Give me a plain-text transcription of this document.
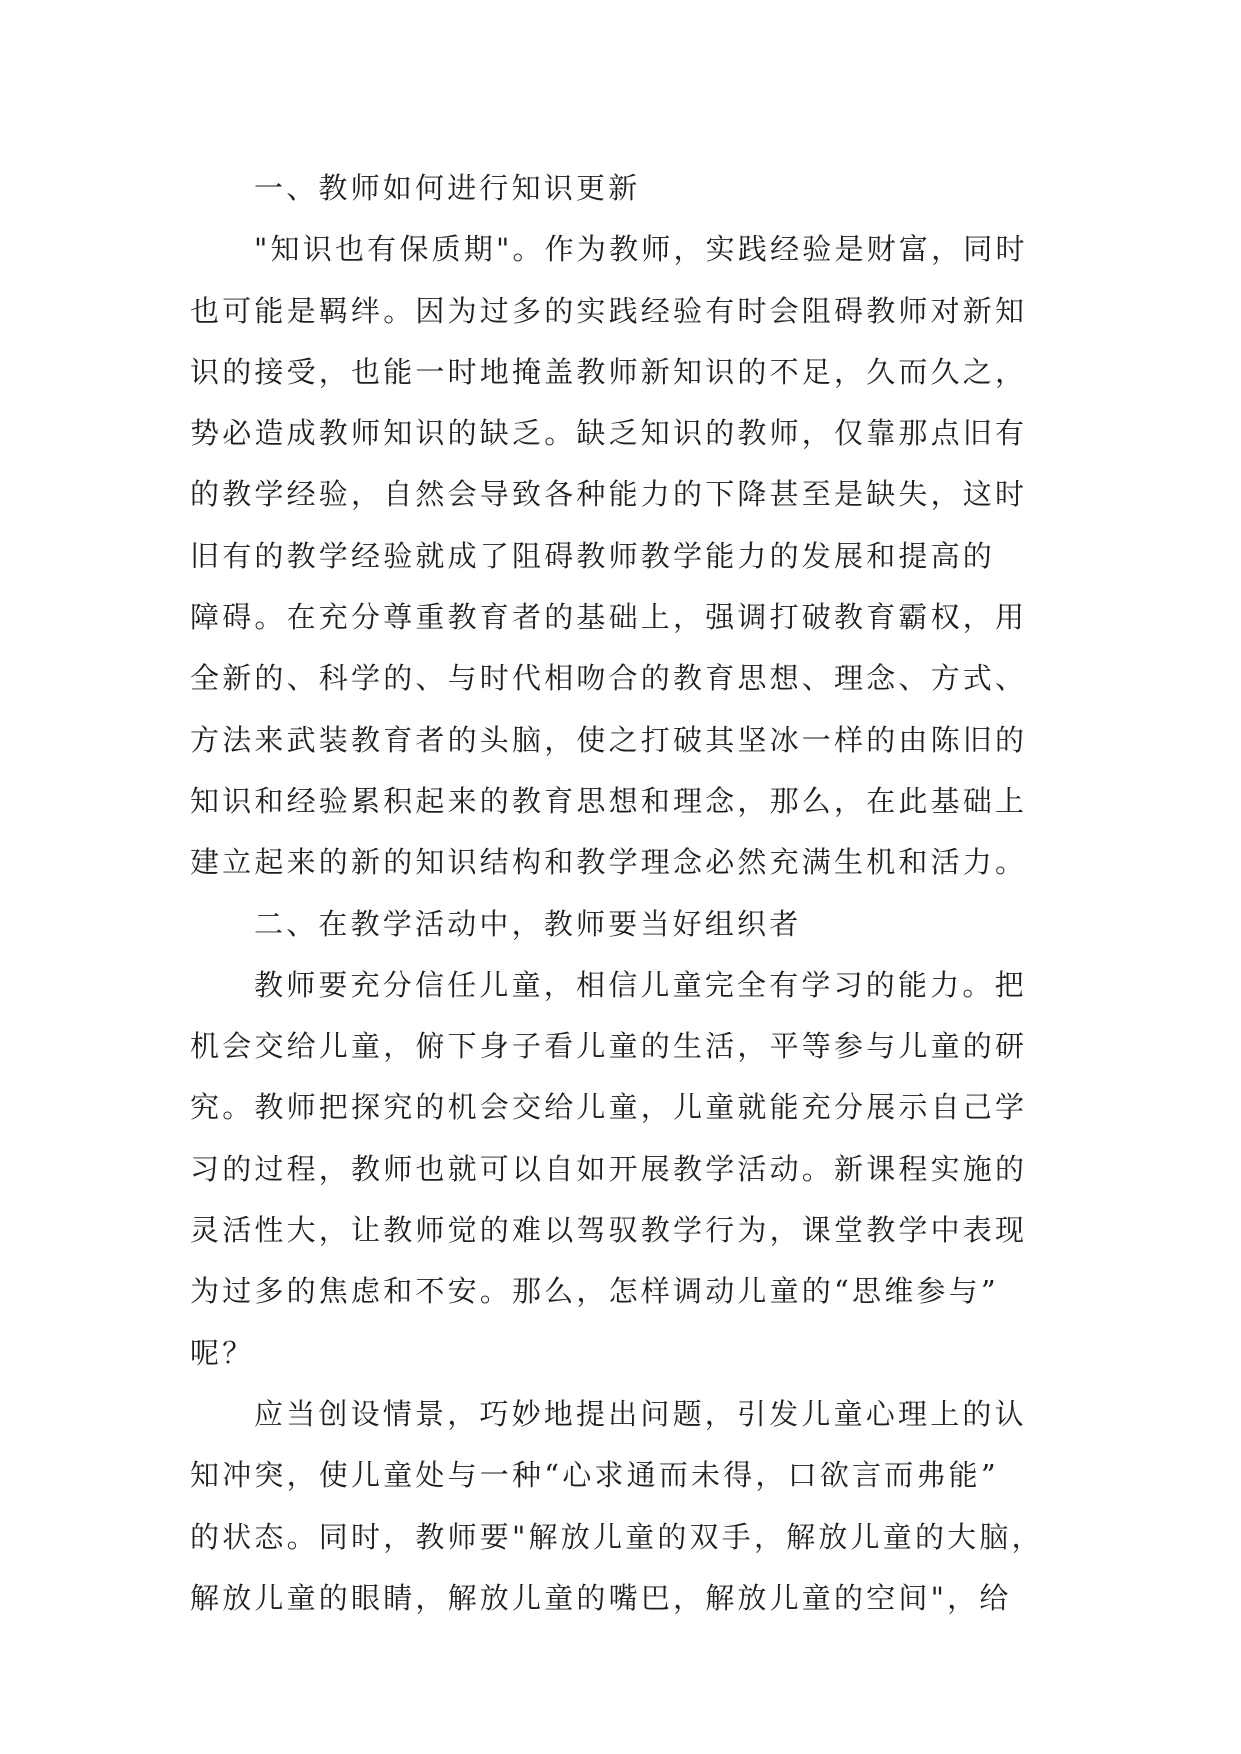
一、教师如何进行知识更新
"知识也有保质期"。作为教师，实践经验是财富，同时
也可能是羁绊。因为过多的实践经验有时会阻碍教师对新知
识的接受，也能一时地掩盖教师新知识的不足，久而久之，
势必造成教师知识的缺乏。缺乏知识的教师，仅靠那点旧有
的教学经验，自然会导致各种能力的下降甚至是缺失，这时
旧有的教学经验就成了阻碍教师教学能力的发展和提高的
障碍。在充分尊重教育者的基础上，强调打破教育霸权，用
全新的、科学的、与时代相吻合的教育思想、理念、方式、
方法来武装教育者的头脑，使之打破其坚冰一样的由陈旧的
知识和经验累积起来的教育思想和理念，那么，在此基础上
建立起来的新的知识结构和教学理念必然充满生机和活力。
二、在教学活动中，教师要当好组织者
教师要充分信任儿童，相信儿童完全有学习的能力。把
机会交给儿童，俯下身子看儿童的生活，平等参与儿童的研
究。教师把探究的机会交给儿童，儿童就能充分展示自己学
习的过程，教师也就可以自如开展教学活动。新课程实施的
灵活性大，让教师觉的难以驾驭教学行为，课堂教学中表现
为过多的焦虑和不安。那么，怎样调动儿童的“思维参与”
呢？
应当创设情景，巧妙地提出问题，引发儿童心理上的认
知冲突，使儿童处与一种“心求通而未得，口欲言而弗能”
的状态。同时，教师要"解放儿童的双手，解放儿童的大脑，
解放儿童的眼睛，解放儿童的嘴巴，解放儿童的空间"，给
